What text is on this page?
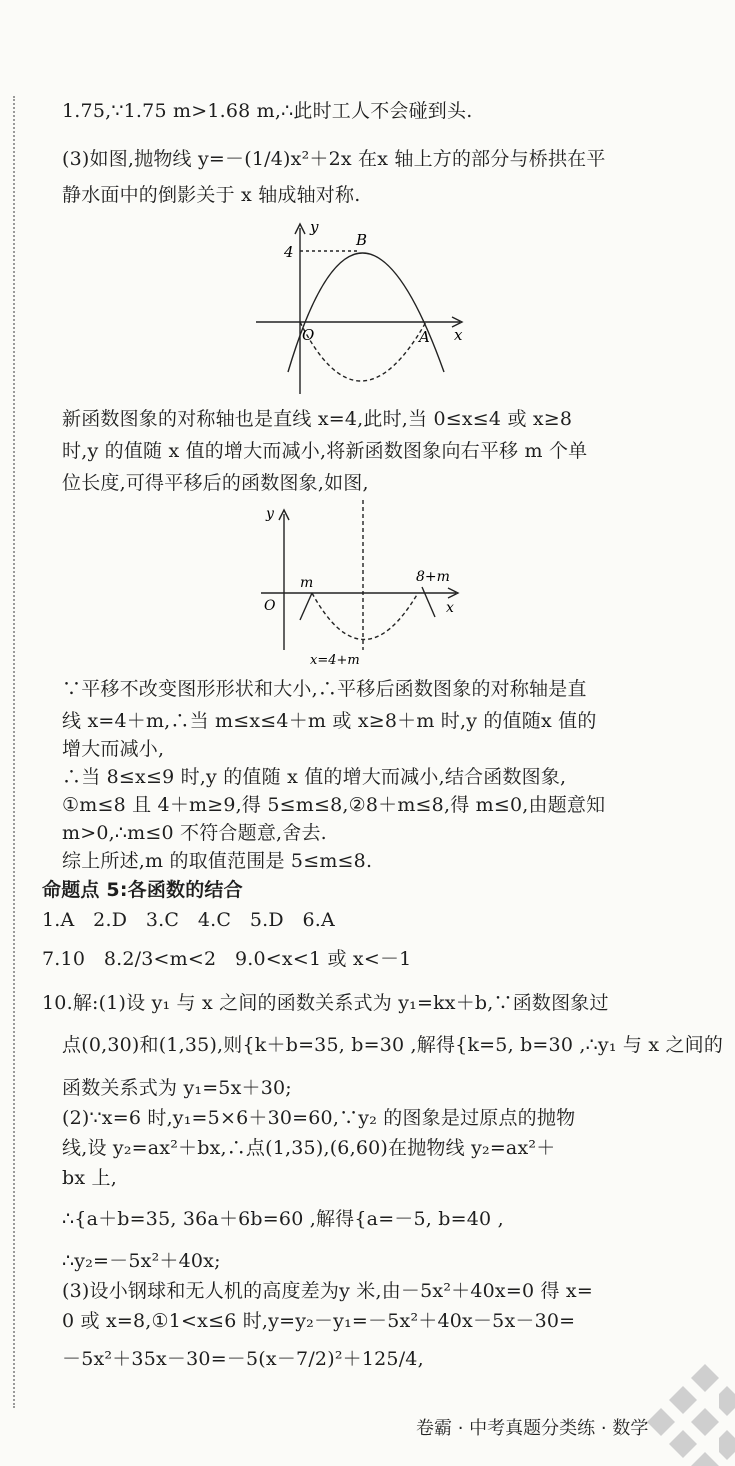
1.75,∵1.75 m>1.68 m,∴此时工人不会碰到头.
(3)如图,抛物线 y=－(1/4)x²＋2x 在x 轴上方的部分与桥拱在平
静水面中的倒影关于 x 轴成轴对称.
y
4
B
O	A x
新函数图象的对称轴也是直线 x=4,此时,当 0≤x≤4 或 x≥8
时,y 的值随 x 值的增大而减小,将新函数图象向右平移 m 个单
位长度,可得平移后的函数图象,如图,
y
O
m	8+m
x
x=4+m
∵平移不改变图形形状和大小,∴平移后函数图象的对称轴是直
线 x=4＋m,∴当 m≤x≤4＋m 或 x≥8＋m 时,y 的值随x 值的
增大而减小,
∴当 8≤x≤9 时,y 的值随 x 值的增大而减小,结合函数图象,
①m≤8 且 4＋m≥9,得 5≤m≤8,②8＋m≤8,得 m≤0,由题意知
m>0,∴m≤0 不符合题意,舍去.
综上所述,m 的取值范围是 5≤m≤8.
命题点 5:各函数的结合
1.A   2.D   3.C   4.C   5.D   6.A
7.10   8.2/3<m<2   9.0<x<1 或 x<－1
10.解:(1)设 y₁ 与 x 之间的函数关系式为 y₁=kx＋b,∵函数图象过
点(0,30)和(1,35),则{k＋b=35, b=30 ,解得{k=5, b=30 ,∴y₁ 与 x 之间的
函数关系式为 y₁=5x＋30;
(2)∵x=6 时,y₁=5×6＋30=60,∵y₂ 的图象是过原点的抛物
线,设 y₂=ax²＋bx,∴点(1,35),(6,60)在抛物线 y₂=ax²＋
bx 上,
∴{a＋b=35, 36a＋6b=60 ,解得{a=－5, b=40 ,
∴y₂=－5x²＋40x;
(3)设小钢球和无人机的高度差为y 米,由－5x²＋40x=0 得 x=
0 或 x=8,①1<x≤6 时,y=y₂－y₁=－5x²＋40x－5x－30=
－5x²＋35x－30=－5(x－7/2)²＋125/4,
卷霸 · 中考真题分类练 · 数学
